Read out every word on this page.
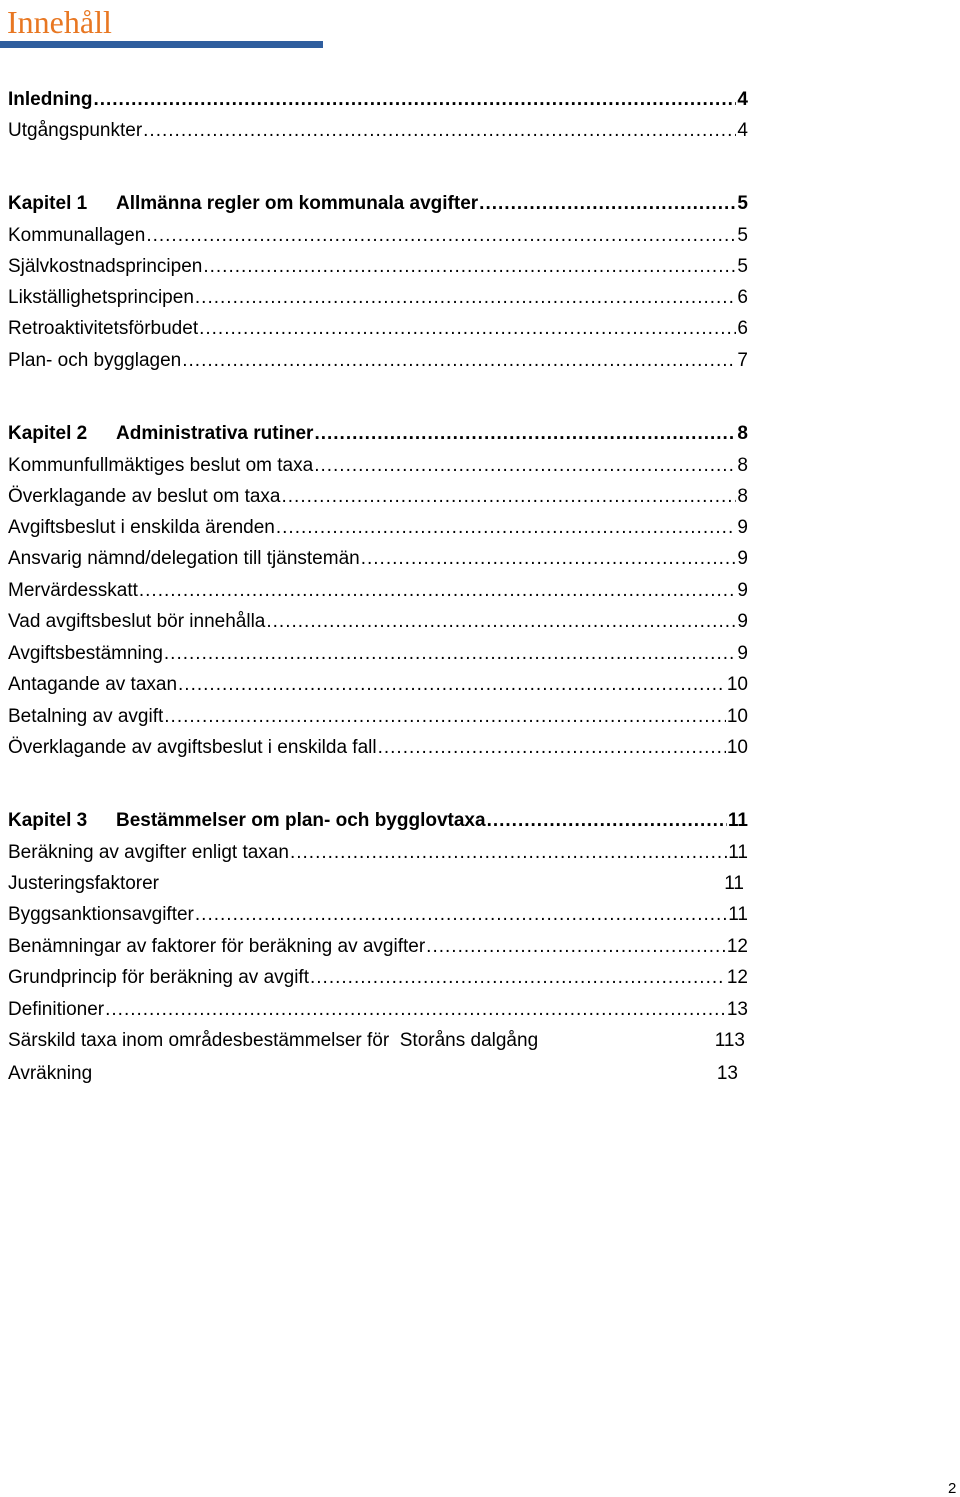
Innehåll
Inledning .....	4
Utgångspunkter .....	4
Kapitel 1 Allmänna regler om kommunala avgifter .....	5
Kommunallagen .....	5
Självkostnadsprincipen .....	5
Likställighetsprincipen .....	6
Retroaktivitetsförbudet .....	6
Plan- och bygglagen .....	7
Kapitel 2 Administrativa rutiner .....	8
Kommunfullmäktiges beslut om taxa .....	8
Överklagande av beslut om taxa .....	8
Avgiftsbeslut i enskilda ärenden .....	9
Ansvarig nämnd/delegation till tjänstemän .....	9
Mervärdesskatt .....	9
Vad avgiftsbeslut bör innehålla .....	9
Avgiftsbestämning .....	9
Antagande av taxan .....	10
Betalning av avgift .....	10
Överklagande av avgiftsbeslut i enskilda fall .....	10
Kapitel 3 Bestämmelser om plan- och bygglovtaxa .....	11
Beräkning av avgifter enligt taxan .....	11
Justeringsfaktorer	11
Byggsanktionsavgifter .....	11
Benämningar av faktorer för beräkning av avgifter .....	12
Grundprincip för beräkning av avgift .....	12
Definitioner .....	13
Särskild taxa inom områdesbestämmelser för  Storåns dalgång	113
Avräkning	13
2
